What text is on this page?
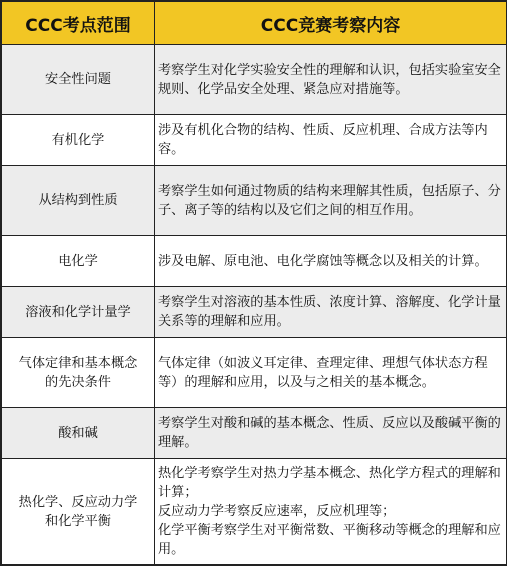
CCC考点范围	CCC竞赛考察内容

安全性问题	考察学生对化学实验安全性的理解和认识，包括实验室安全规则、化学品安全处理、紧急应对措施等。

有机化学	涉及有机化合物的结构、性质、反应机理、合成方法等内容。

从结构到性质	考察学生如何通过物质的结构来理解其性质，包括原子、分子、离子等的结构以及它们之间的相互作用。

电化学	涉及电解、原电池、电化学腐蚀等概念以及相关的计算。

溶液和化学计量学	考察学生对溶液的基本性质、浓度计算、溶解度、化学计量关系等的理解和应用。

气体定律和基本概念
的先决条件	气体定律（如波义耳定律、查理定律、理想气体状态方程等）的理解和应用，以及与之相关的基本概念。

酸和碱	考察学生对酸和碱的基本概念、性质、反应以及酸碱平衡的理解。

热化学、反应动力学
和化学平衡	热化学考察学生对热力学基本概念、热化学方程式的理解和计算；
反应动力学考察反应速率，反应机理等；
化学平衡考察学生对平衡常数、平衡移动等概念的理解和应用。
